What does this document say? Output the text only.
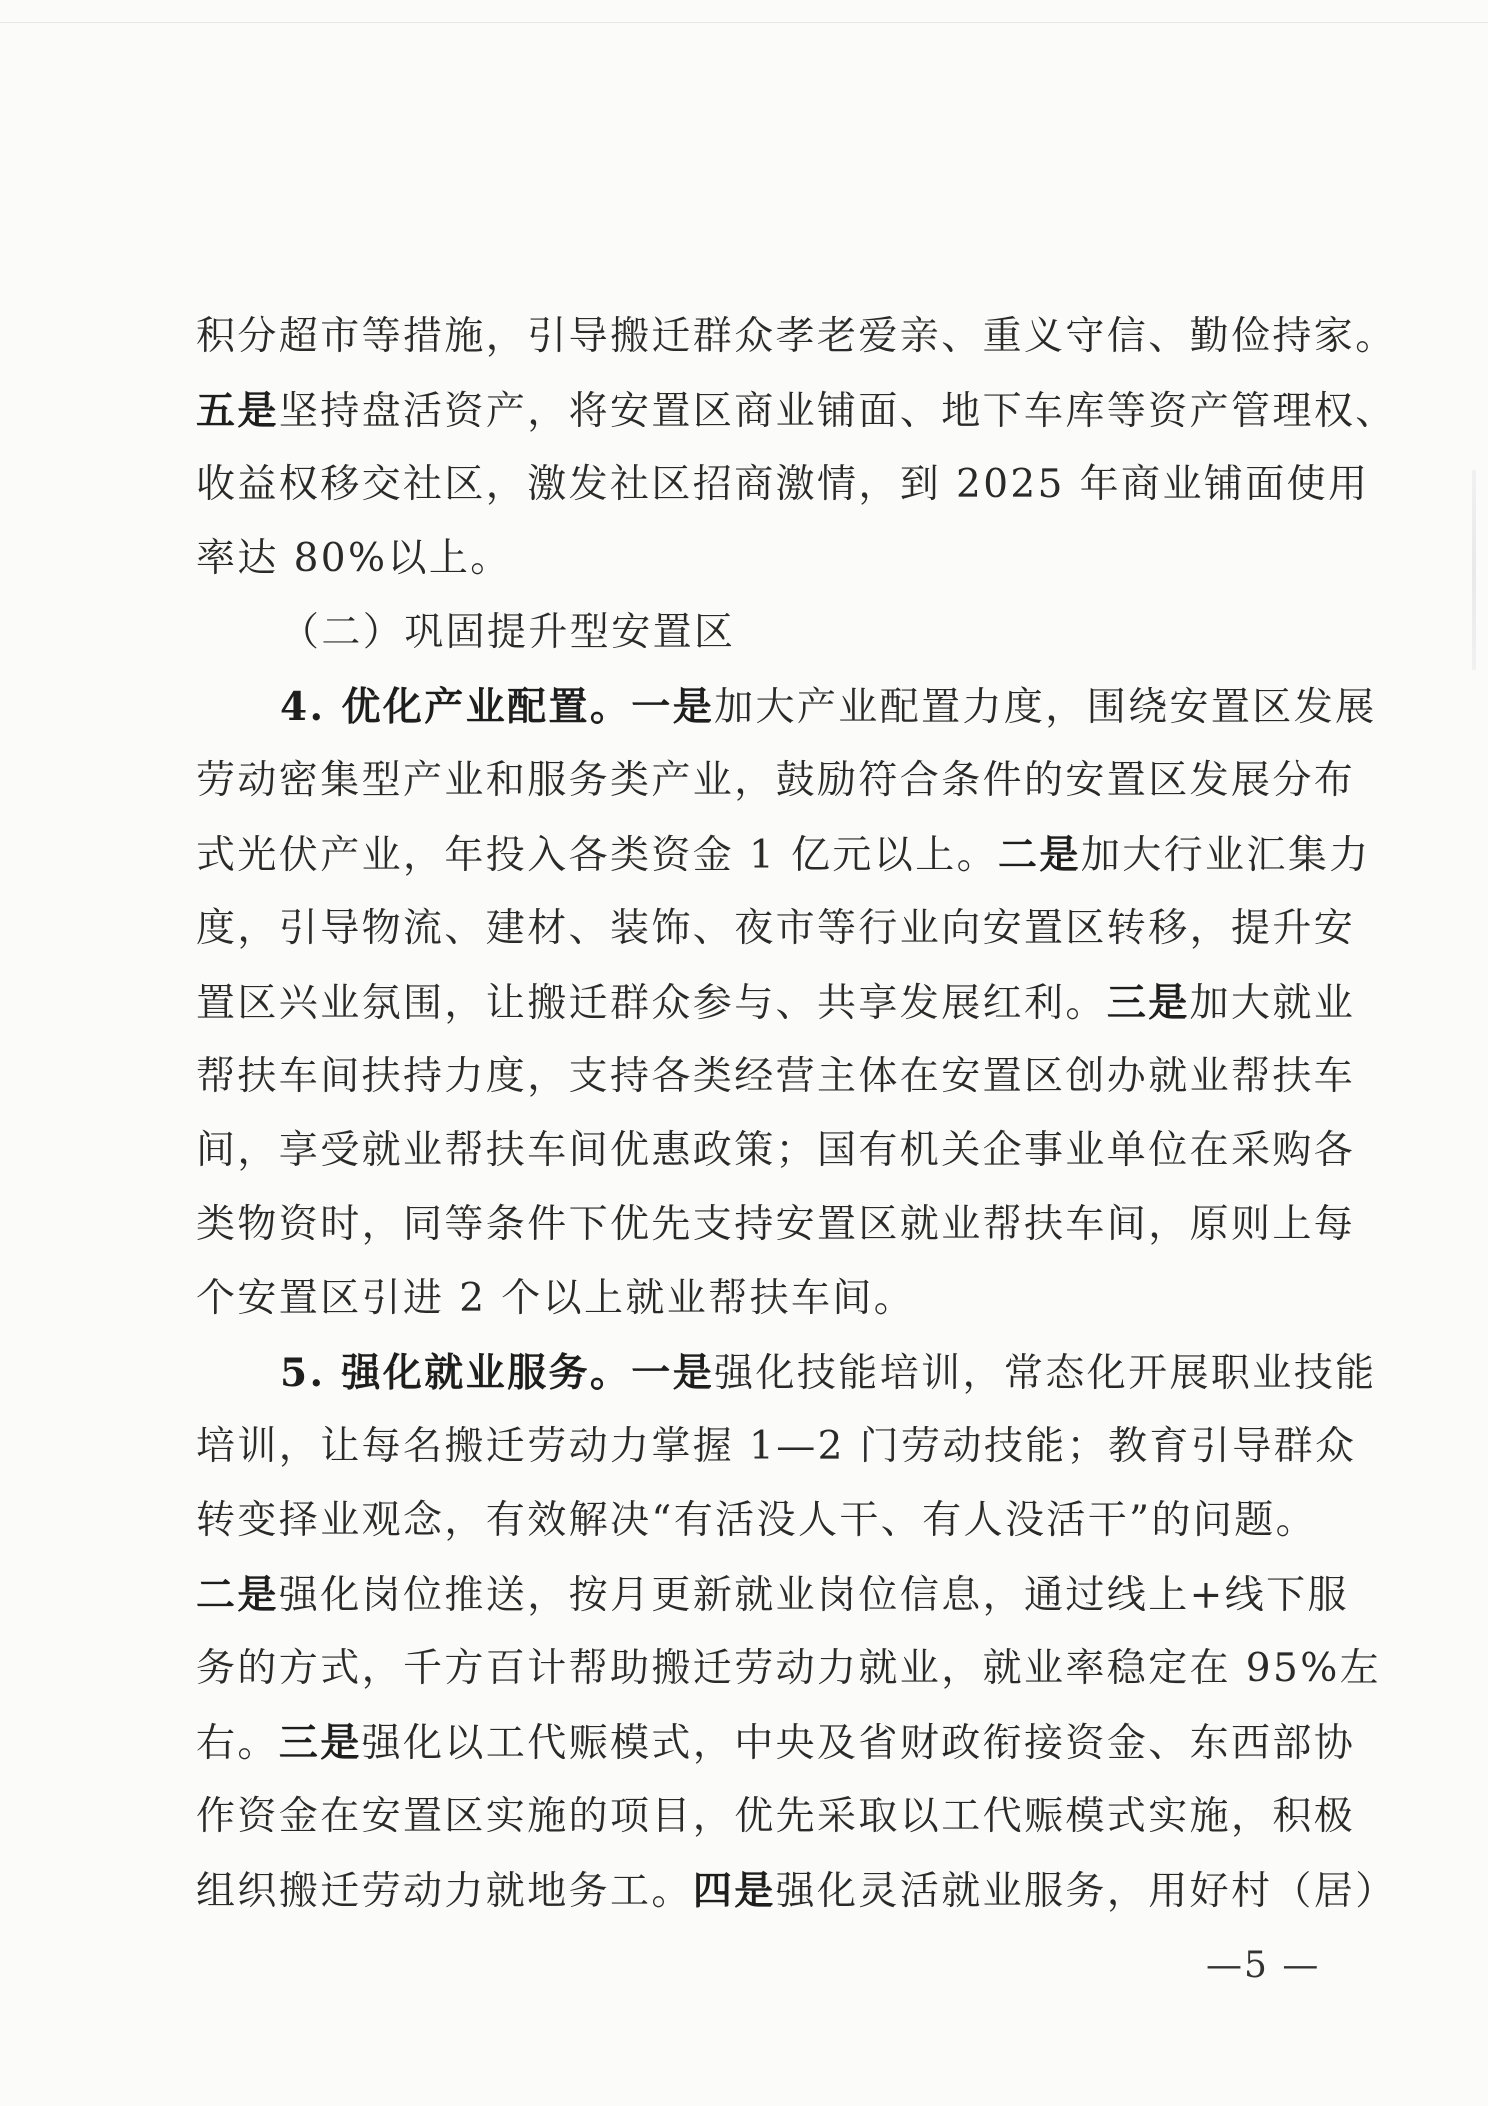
积分超市等措施，引导搬迁群众孝老爱亲、重义守信、勤俭持家。
五是坚持盘活资产，将安置区商业铺面、地下车库等资产管理权、
收益权移交社区，激发社区招商激情，到 2025 年商业铺面使用
率达 80%以上。
（二）巩固提升型安置区
4. 优化产业配置。一是加大产业配置力度，围绕安置区发展
劳动密集型产业和服务类产业，鼓励符合条件的安置区发展分布
式光伏产业，年投入各类资金 1 亿元以上。二是加大行业汇集力
度，引导物流、建材、装饰、夜市等行业向安置区转移，提升安
置区兴业氛围，让搬迁群众参与、共享发展红利。三是加大就业
帮扶车间扶持力度，支持各类经营主体在安置区创办就业帮扶车
间，享受就业帮扶车间优惠政策；国有机关企事业单位在采购各
类物资时，同等条件下优先支持安置区就业帮扶车间，原则上每
个安置区引进 2 个以上就业帮扶车间。
5. 强化就业服务。一是强化技能培训，常态化开展职业技能
培训，让每名搬迁劳动力掌握 1—2 门劳动技能；教育引导群众
转变择业观念，有效解决“有活没人干、有人没活干”的问题。
二是强化岗位推送，按月更新就业岗位信息，通过线上+线下服
务的方式，千方百计帮助搬迁劳动力就业，就业率稳定在 95%左
右。三是强化以工代赈模式，中央及省财政衔接资金、东西部协
作资金在安置区实施的项目，优先采取以工代赈模式实施，积极
组织搬迁劳动力就地务工。四是强化灵活就业服务，用好村（居）
—5 —
